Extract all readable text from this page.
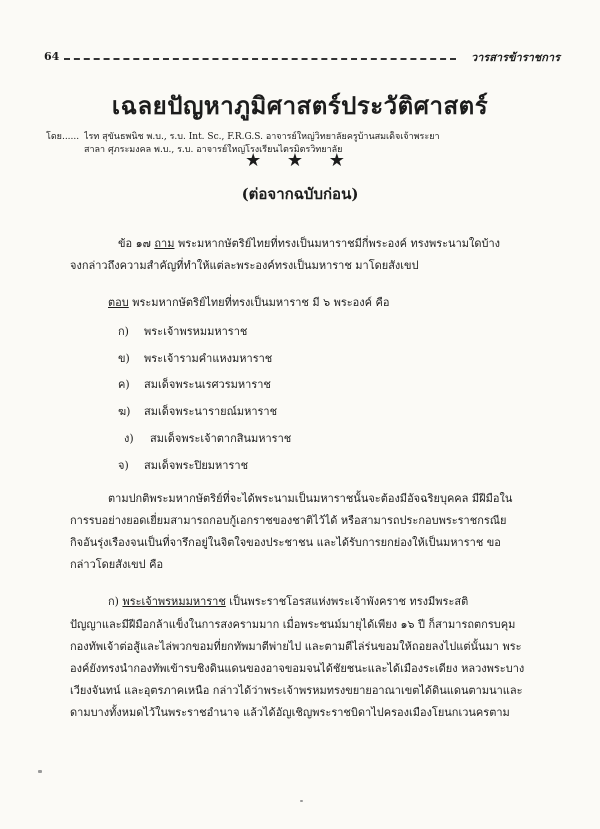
64	วารสารข้าราชการ
เฉลยปัญหาภูมิศาสตร์ประวัติศาสตร์
โดย...... ไรท สุขันธพนิช พ.บ., ร.บ. Int. Sc., F.R.G.S. อาจารย์ใหญ่วิทยาลัยครูบ้านสมเด็จเจ้าพระยา
สาลา ศุภระมงคล พ.บ., ร.บ. อาจารย์ใหญ่โรงเรียนไตรมิตรวิทยาลัย
★ ★ ★
(ต่อจากฉบับก่อน)
ข้อ ๑๗ ถาม พระมหากษัตริย์ไทยที่ทรงเป็นมหาราชมีกี่พระองค์ ทรงพระนามใดบ้าง
จงกล่าวถึงความสำคัญที่ทำให้แต่ละพระองค์ทรงเป็นมหาราช มาโดยสังเขป
ตอบ พระมหากษัตริย์ไทยที่ทรงเป็นมหาราช มี ๖ พระองค์ คือ
ก) พระเจ้าพรหมมหาราช
ข) พระเจ้ารามคำแหงมหาราช
ค) สมเด็จพระนเรศวรมหาราช
ฆ) สมเด็จพระนารายณ์มหาราช
ง) สมเด็จพระเจ้าตากสินมหาราช
จ) สมเด็จพระปิยมหาราช
ตามปกติพระมหากษัตริย์ที่จะได้พระนามเป็นมหาราชนั้นจะต้องมีอัจฉริยบุคคล มีฝีมือใน
การรบอย่างยอดเยี่ยมสามารถกอบกู้เอกราชของชาติไว้ได้ หรือสามารถประกอบพระราชกรณีย
กิจอันรุ่งเรืองจนเป็นที่จารึกอยู่ในจิตใจของประชาชน และได้รับการยกย่องให้เป็นมหาราช ขอ
กล่าวโดยสังเขป คือ
ก) พระเจ้าพรหมมหาราช เป็นพระราชโอรสแห่งพระเจ้าพังคราช ทรงมีพระสติ
ปัญญาและมีฝีมือกล้าแข็งในการสงครามมาก เมื่อพระชนม์มายุได้เพียง ๑๖ ปี ก็สามารถตกรบคุม
กองทัพเจ้าต่อสู้และไล่พวกขอมที่ยกทัพมาตีพ่ายไป และตามตีไล่ร่นขอมให้ถอยลงไปแต่นั้นมา พระ
องค์ยังทรงนำกองทัพเข้ารบชิงดินแดนของอาจขอมจนได้ชัยชนะและได้เมืองระเดียง หลวงพระบาง
เวียงจันทน์ และอุตรภาคเหนือ กล่าวได้ว่าพระเจ้าพรหมทรงขยายอาณาเขตได้ดินแดนตามนาและ
ดามบางทั้งหมดไว้ในพระราชอำนาจ แล้วได้อัญเชิญพระราชบิดาไปครองเมืองโยนกเวนครตาม
